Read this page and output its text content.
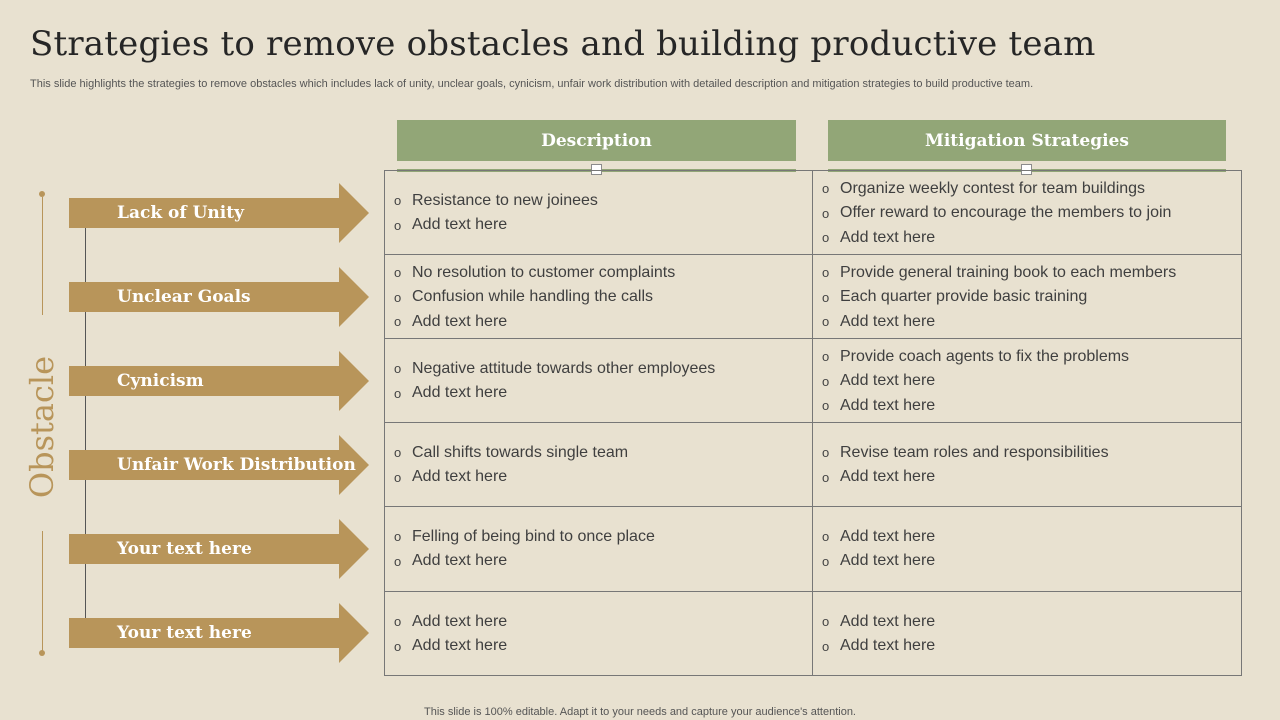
Strategies to remove obstacles and building productive team
This slide highlights the strategies to remove obstacles which includes lack of unity, unclear goals, cynicism, unfair work distribution with detailed description and mitigation strategies to build productive team.
Description	Mitigation Strategies
Obstacle
Lack of Unity
Unclear Goals
Cynicism
Unfair Work Distribution
Your text here
Your text here
o Resistance to new joinees
o Add text here
o Organize weekly contest for team buildings
o Offer reward to encourage the members to join
o Add text here
o No resolution to customer complaints
o Confusion while handling the calls
o Add text here
o Provide general training book to each members
o Each quarter provide basic training
o Add text here
o Negative attitude towards other employees
o Add text here
o Provide coach agents to fix the problems
o Add text here
o Add text here
o Call shifts towards single team
o Add text here
o Revise team roles and responsibilities
o Add text here
o Felling of being bind to once place
o Add text here
o Add text here
o Add text here
o Add text here
o Add text here
o Add text here
o Add text here
This slide is 100% editable. Adapt it to your needs and capture your audience's attention.
